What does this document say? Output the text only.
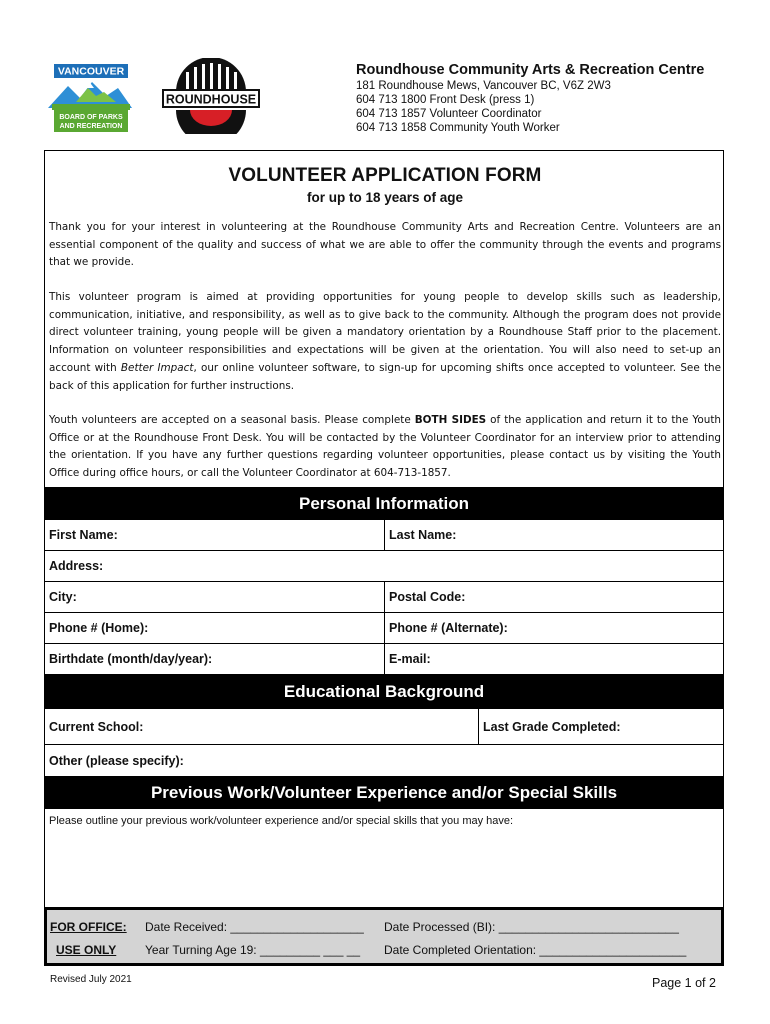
VANCOUVER
BOARD OF PARKS
AND RECREATION
ROUNDHOUSE
Roundhouse Community Arts & Recreation Centre
181 Roundhouse Mews, Vancouver BC, V6Z 2W3
604 713 1800 Front Desk (press 1)
604 713 1857 Volunteer Coordinator
604 713 1858 Community Youth Worker
VOLUNTEER APPLICATION FORM
for up to 18 years of age
Thank you for your interest in volunteering at the Roundhouse Community Arts and Recreation Centre. Volunteers are an essential component of the quality and success of what we are able to offer the community through the events and programs that we provide.
This volunteer program is aimed at providing opportunities for young people to develop skills such as leadership, communication, initiative, and responsibility, as well as to give back to the community. Although the program does not provide direct volunteer training, young people will be given a mandatory orientation by a Roundhouse Staff prior to the placement. Information on volunteer responsibilities and expectations will be given at the orientation. You will also need to set-up an account with Better Impact, our online volunteer software, to sign-up for upcoming shifts once accepted to volunteer. See the back of this application for further instructions.
Youth volunteers are accepted on a seasonal basis. Please complete BOTH SIDES of the application and return it to the Youth Office or at the Roundhouse Front Desk. You will be contacted by the Volunteer Coordinator for an interview prior to attending the orientation. If you have any further questions regarding volunteer opportunities, please contact us by visiting the Youth Office during office hours, or call the Volunteer Coordinator at 604-713-1857.
Personal Information
First Name:	Last Name:
Address:
City:	Postal Code:
Phone # (Home):	Phone # (Alternate):
Birthdate (month/day/year):	E-mail:
Educational Background
Current School:	Last Grade Completed:
Other (please specify):
Previous Work/Volunteer Experience and/or Special Skills
Please outline your previous work/volunteer experience and/or special skills that you may have:
FOR OFFICE:
USE ONLY
Date Received: ____________________ Date Processed (BI): ___________________________
Year Turning Age 19: _________ ___ __ Date Completed Orientation: ______________________
Revised July 2021	Page 1 of 2
